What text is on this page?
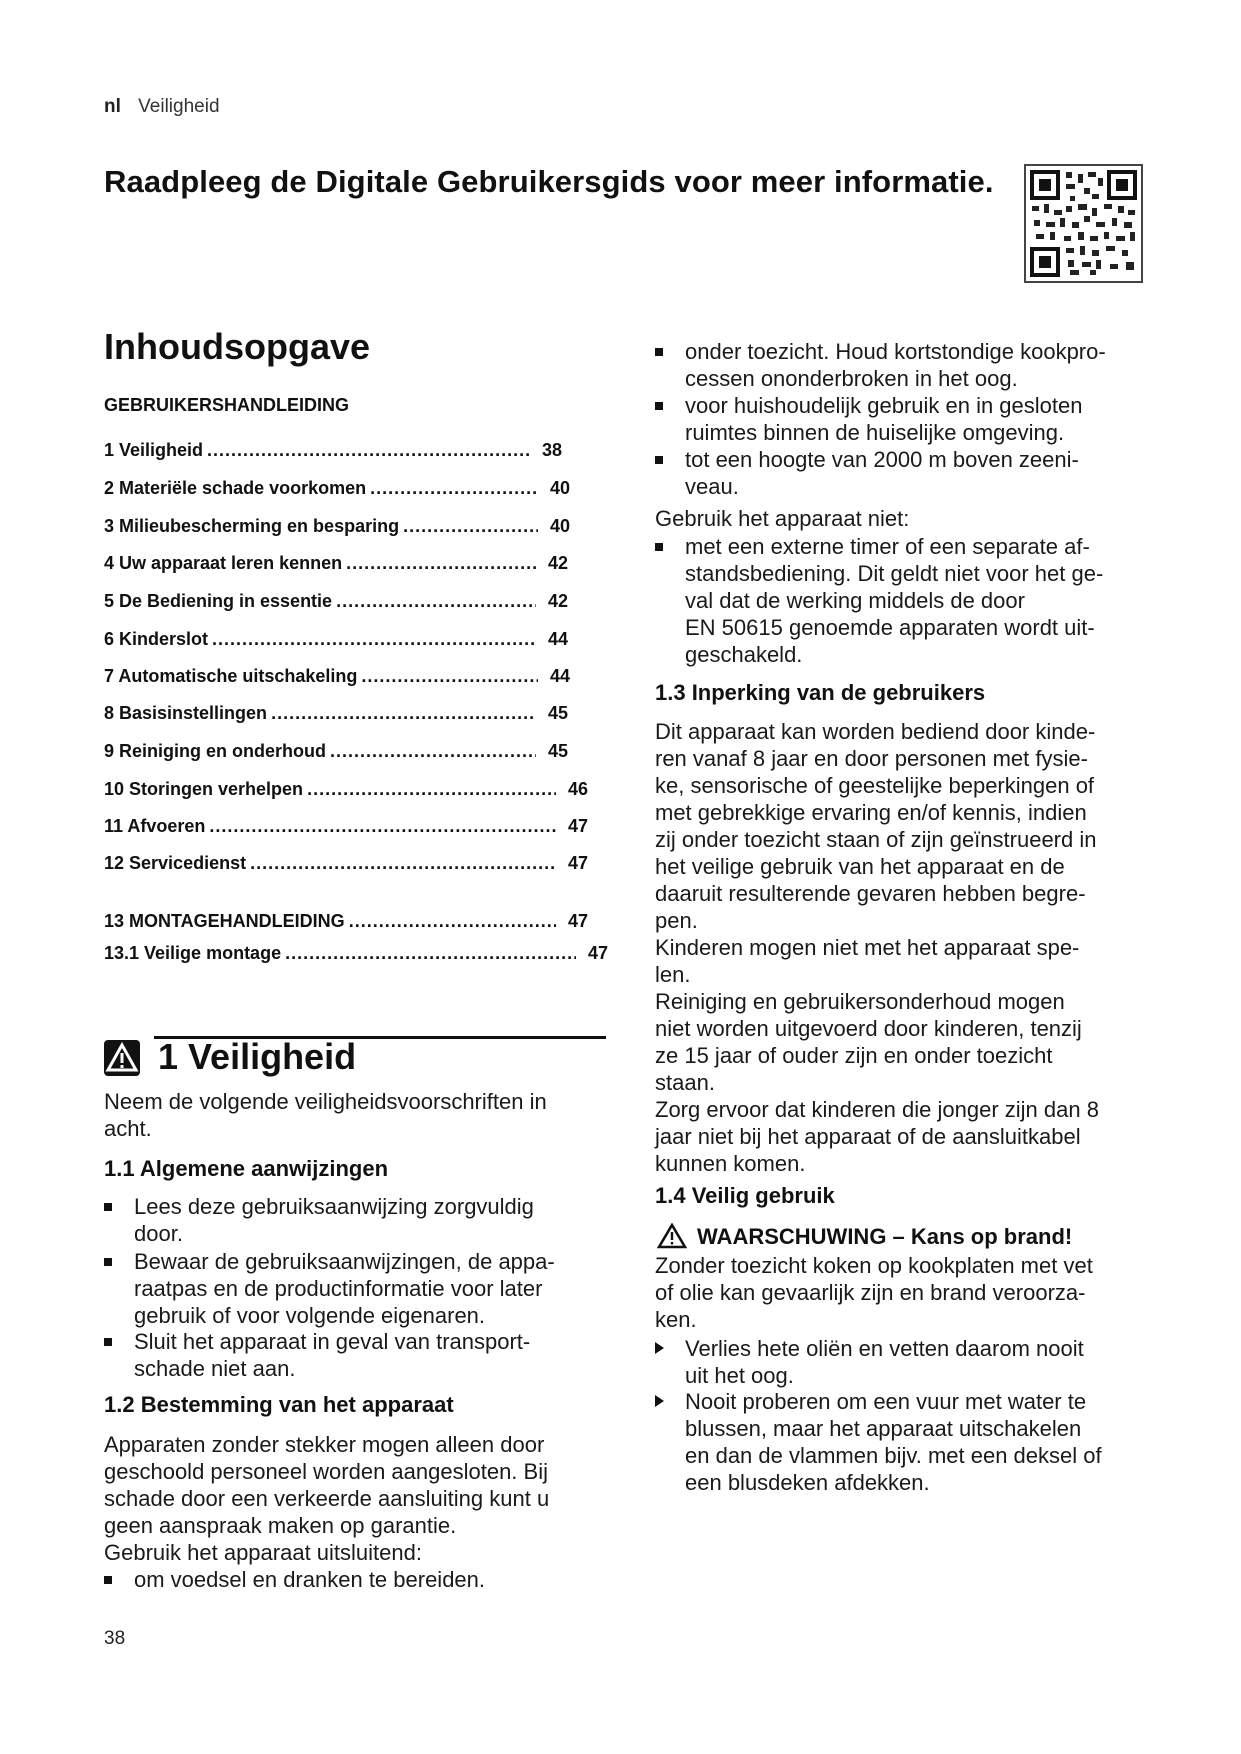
nl Veiligheid
Raadpleeg de Digitale Gebruikersgids voor meer informatie.
Inhoudsopgave
GEBRUIKERSHANDLEIDING
1 Veiligheid .....	38
2 Materiële schade voorkomen .....	40
3 Milieubescherming en besparing .....	40
4 Uw apparaat leren kennen .....	42
5 De Bediening in essentie .....	42
6 Kinderslot .....	44
7 Automatische uitschakeling .....	44
8 Basisinstellingen .....	45
9 Reiniging en onderhoud .....	45
10 Storingen verhelpen .....	46
11 Afvoeren .....	47
12 Servicedienst .....	47
13 MONTAGEHANDLEIDING .....	47
13.1 Veilige montage .....	47
1 Veiligheid
Neem de volgende veiligheidsvoorschriften in
acht.
1.1 Algemene aanwijzingen
Lees deze gebruiksaanwijzing zorgvuldig
door.
Bewaar de gebruiksaanwijzingen, de appa-
raatpas en de productinformatie voor later
gebruik of voor volgende eigenaren.
Sluit het apparaat in geval van transport-
schade niet aan.
1.2 Bestemming van het apparaat
Apparaten zonder stekker mogen alleen door
geschoold personeel worden aangesloten. Bij
schade door een verkeerde aansluiting kunt u
geen aanspraak maken op garantie.
Gebruik het apparaat uitsluitend:
om voedsel en dranken te bereiden.
onder toezicht. Houd kortstondige kookpro-
cessen ononderbroken in het oog.
voor huishoudelijk gebruik en in gesloten
ruimtes binnen de huiselijke omgeving.
tot een hoogte van 2000 m boven zeeni-
veau.
Gebruik het apparaat niet:
met een externe timer of een separate af-
standsbediening. Dit geldt niet voor het ge-
val dat de werking middels de door
EN 50615 genoemde apparaten wordt uit-
geschakeld.
1.3 Inperking van de gebruikers
Dit apparaat kan worden bediend door kinde-
ren vanaf 8 jaar en door personen met fysie-
ke, sensorische of geestelijke beperkingen of
met gebrekkige ervaring en/of kennis, indien
zij onder toezicht staan of zijn geïnstrueerd in
het veilige gebruik van het apparaat en de
daaruit resulterende gevaren hebben begre-
pen.
Kinderen mogen niet met het apparaat spe-
len.
Reiniging en gebruikersonderhoud mogen
niet worden uitgevoerd door kinderen, tenzij
ze 15 jaar of ouder zijn en onder toezicht
staan.
Zorg ervoor dat kinderen die jonger zijn dan 8
jaar niet bij het apparaat of de aansluitkabel
kunnen komen.
1.4 Veilig gebruik
WAARSCHUWING – Kans op brand!
Zonder toezicht koken op kookplaten met vet
of olie kan gevaarlijk zijn en brand veroorza-
ken.
Verlies hete oliën en vetten daarom nooit
uit het oog.
Nooit proberen om een vuur met water te
blussen, maar het apparaat uitschakelen
en dan de vlammen bijv. met een deksel of
een blusdeken afdekken.
38
